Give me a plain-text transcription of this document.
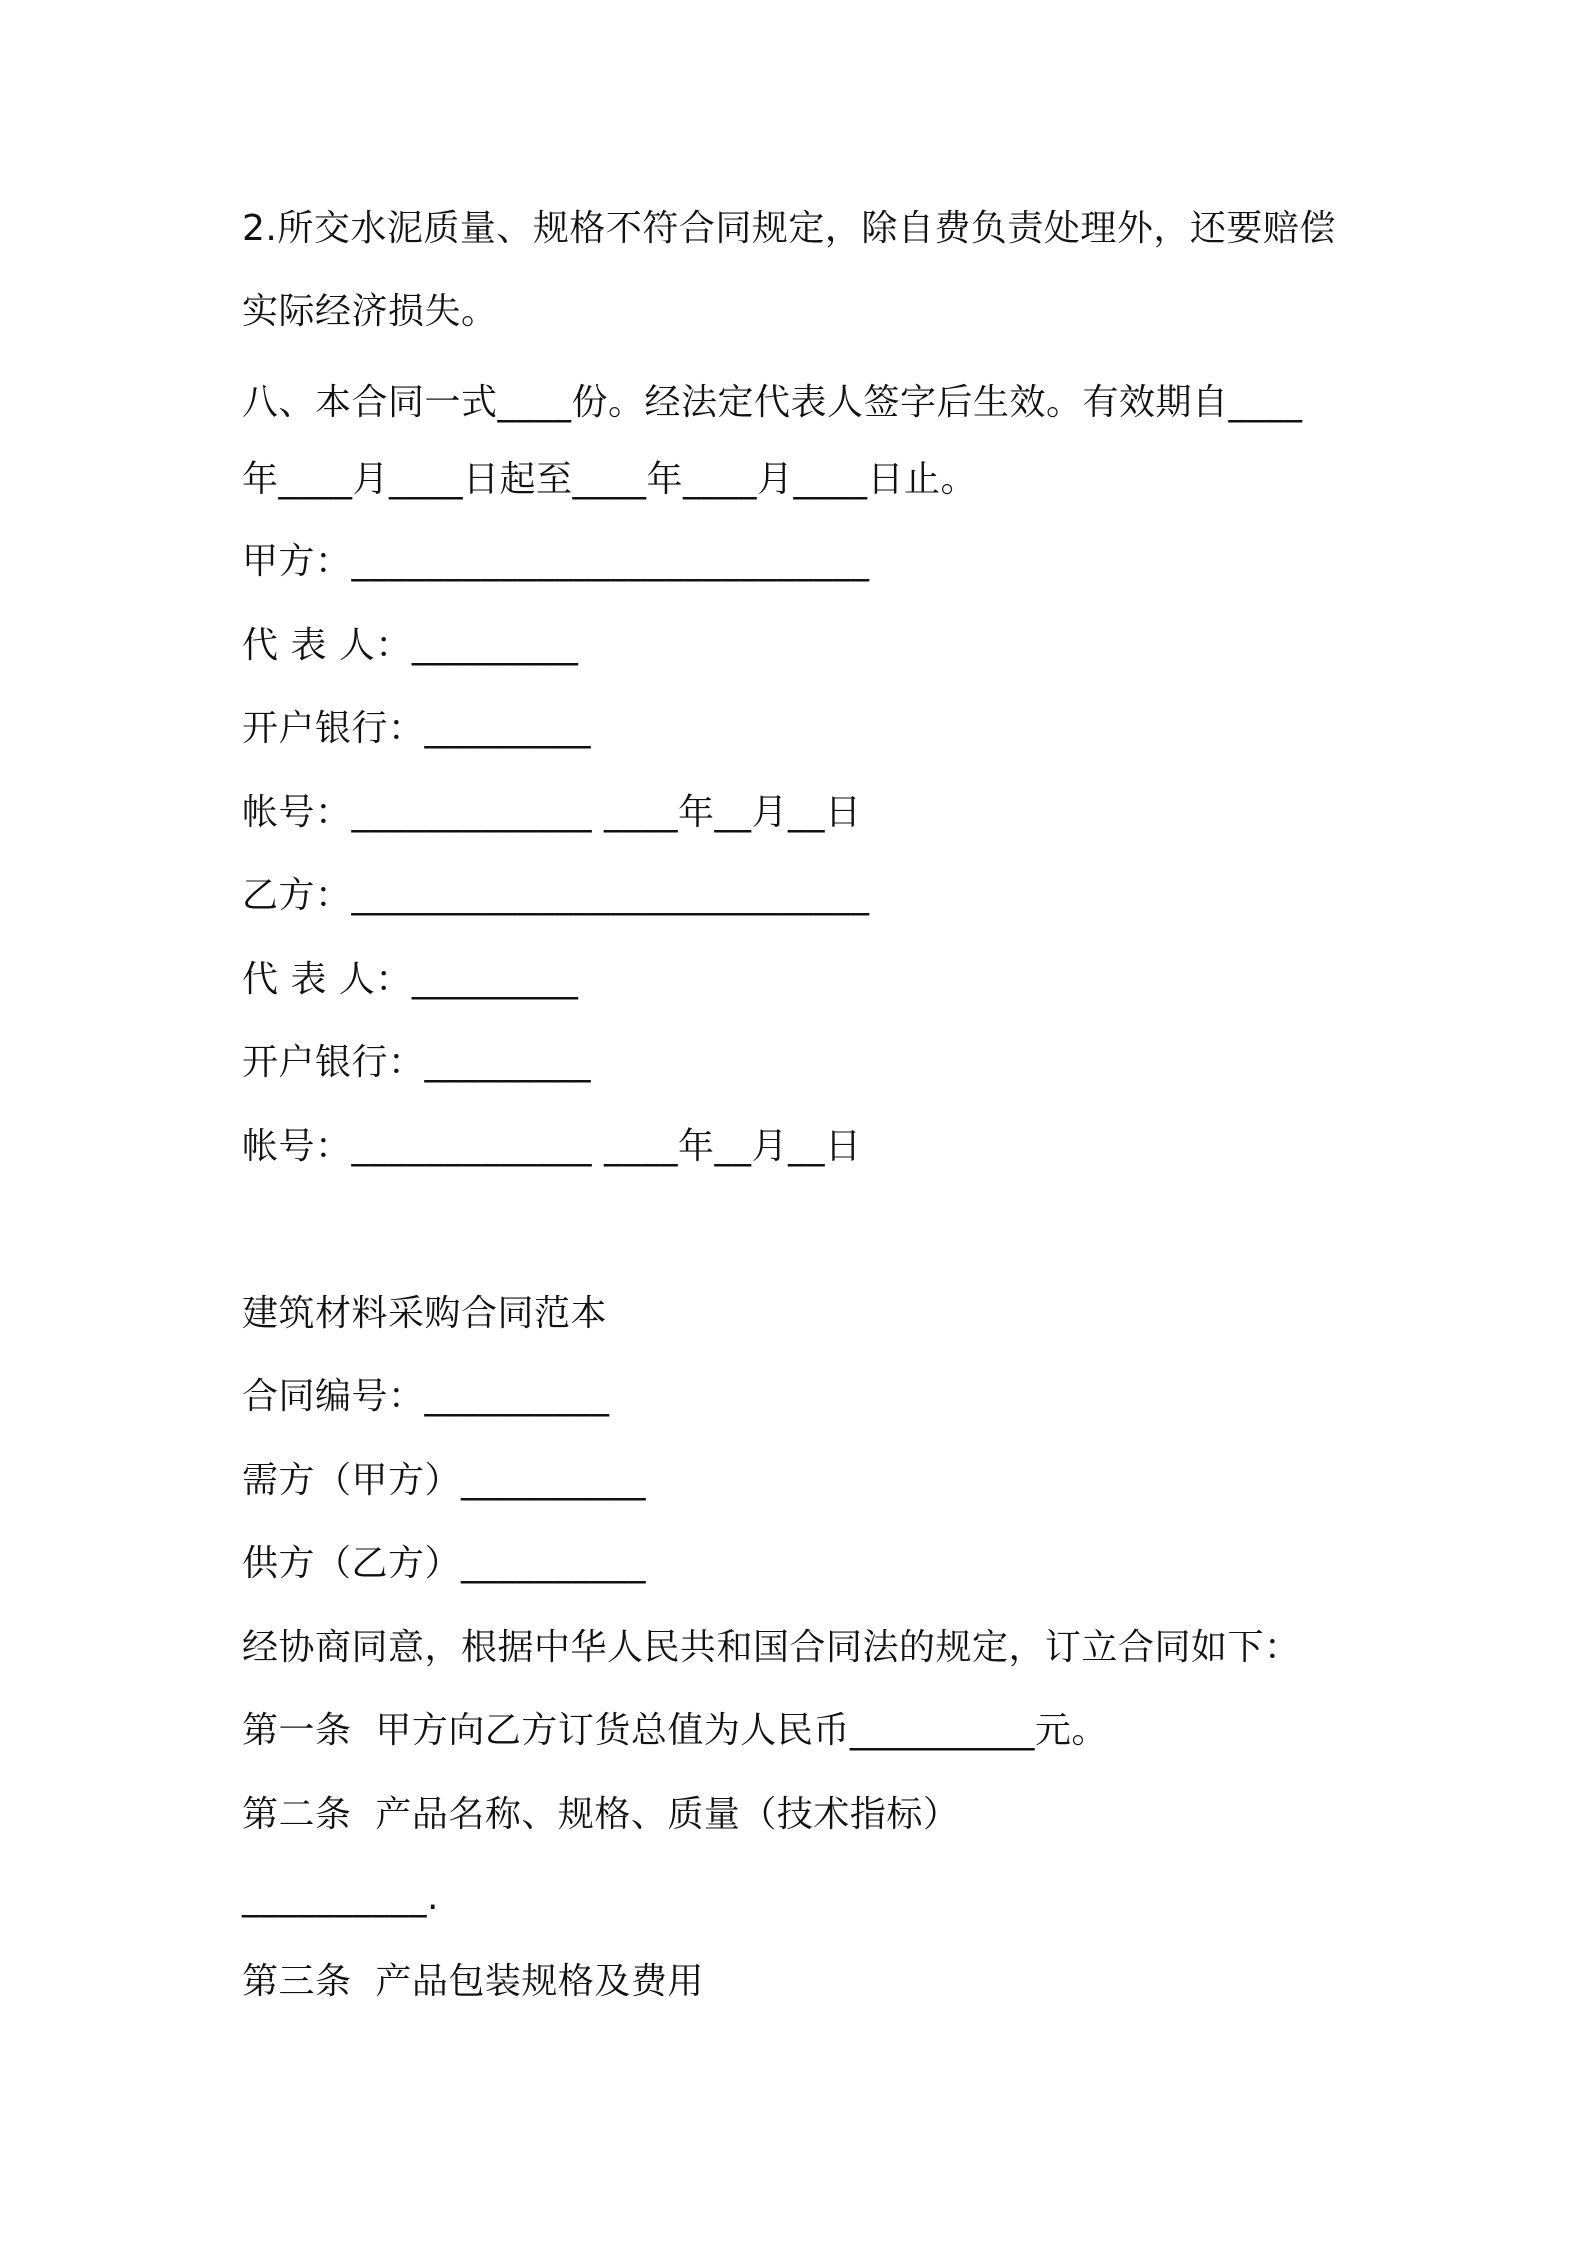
2.所交水泥质量、规格不符合同规定，除自费负责处理外，还要赔偿
实际经济损失。
八、本合同一式____份。经法定代表人签字后生效。有效期自____
年____月____日起至____年____月____日止。
甲方：____________________________
代 表 人：_________
开户银行：_________
帐号：_____________ ____年__月__日
乙方：____________________________
代 表 人：_________
开户银行：_________
帐号：_____________ ____年__月__日
建筑材料采购合同范本
合同编号：__________
需方（甲方）__________
供方（乙方）__________
经协商同意，根据中华人民共和国合同法的规定，订立合同如下：
第一条  甲方向乙方订货总值为人民币__________元。
第二条  产品名称、规格、质量（技术指标）
__________.
第三条  产品包装规格及费用
